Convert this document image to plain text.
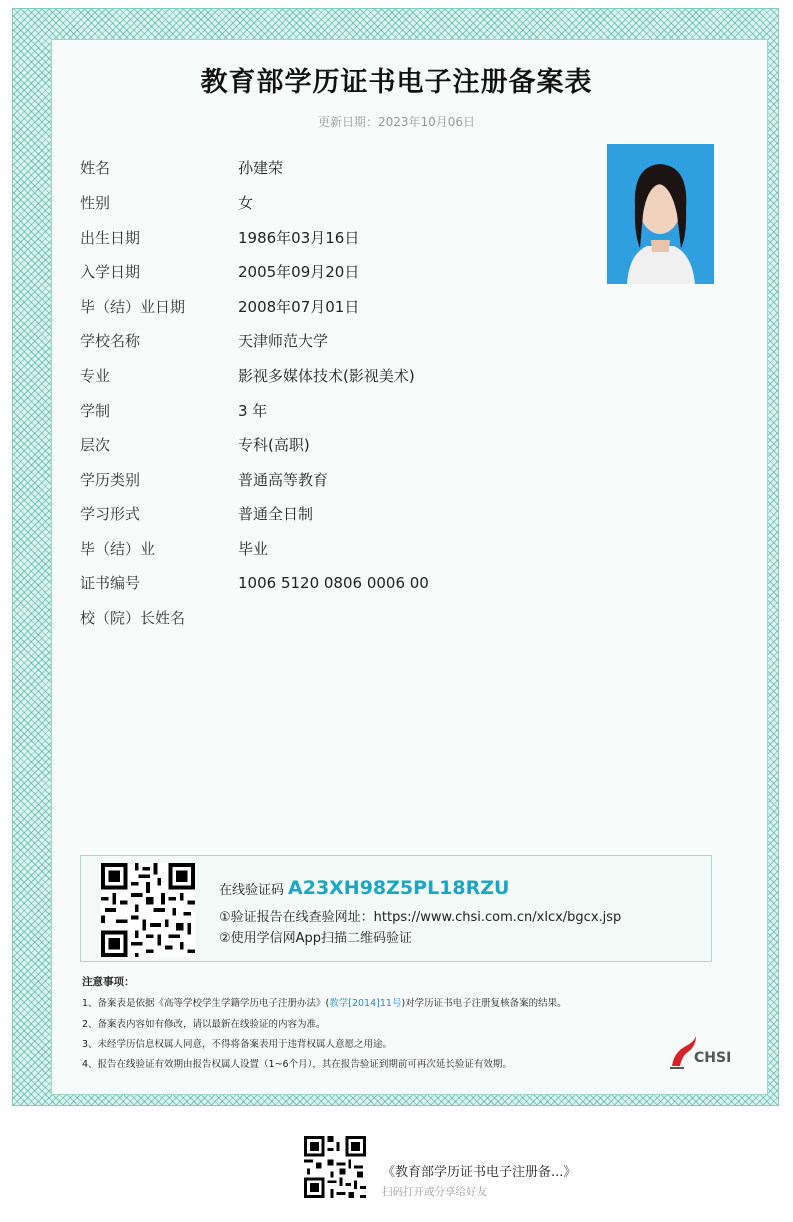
教育部学历证书电子注册备案表
更新日期：2023年10月06日
姓名	孙建荣
性别	女
出生日期	1986年03月16日
入学日期	2005年09月20日
毕（结）业日期	2008年07月01日
学校名称	天津师范大学
专业	影视多媒体技术(影视美术)
学制	3 年
层次	专科(高职)
学历类别	普通高等教育
学习形式	普通全日制
毕（结）业	毕业
证书编号	1006 5120 0806 0006 00
校（院）长姓名
在线验证码 A23XH98Z5PL18RZU
①验证报告在线查验网址：https://www.chsi.com.cn/xlcx/bgcx.jsp
②使用学信网App扫描二维码验证
注意事项：
1、备案表是依据《高等学校学生学籍学历电子注册办法》(教学[2014]11号)对学历证书电子注册复核备案的结果。
2、备案表内容如有修改，请以最新在线验证的内容为准。
3、未经学历信息权属人同意，不得将备案表用于违背权属人意愿之用途。
4、报告在线验证有效期由报告权属人设置（1~6个月），其在报告验证到期前可再次延长验证有效期。	CHSI
《教育部学历证书电子注册备...》
扫码打开或分享给好友
